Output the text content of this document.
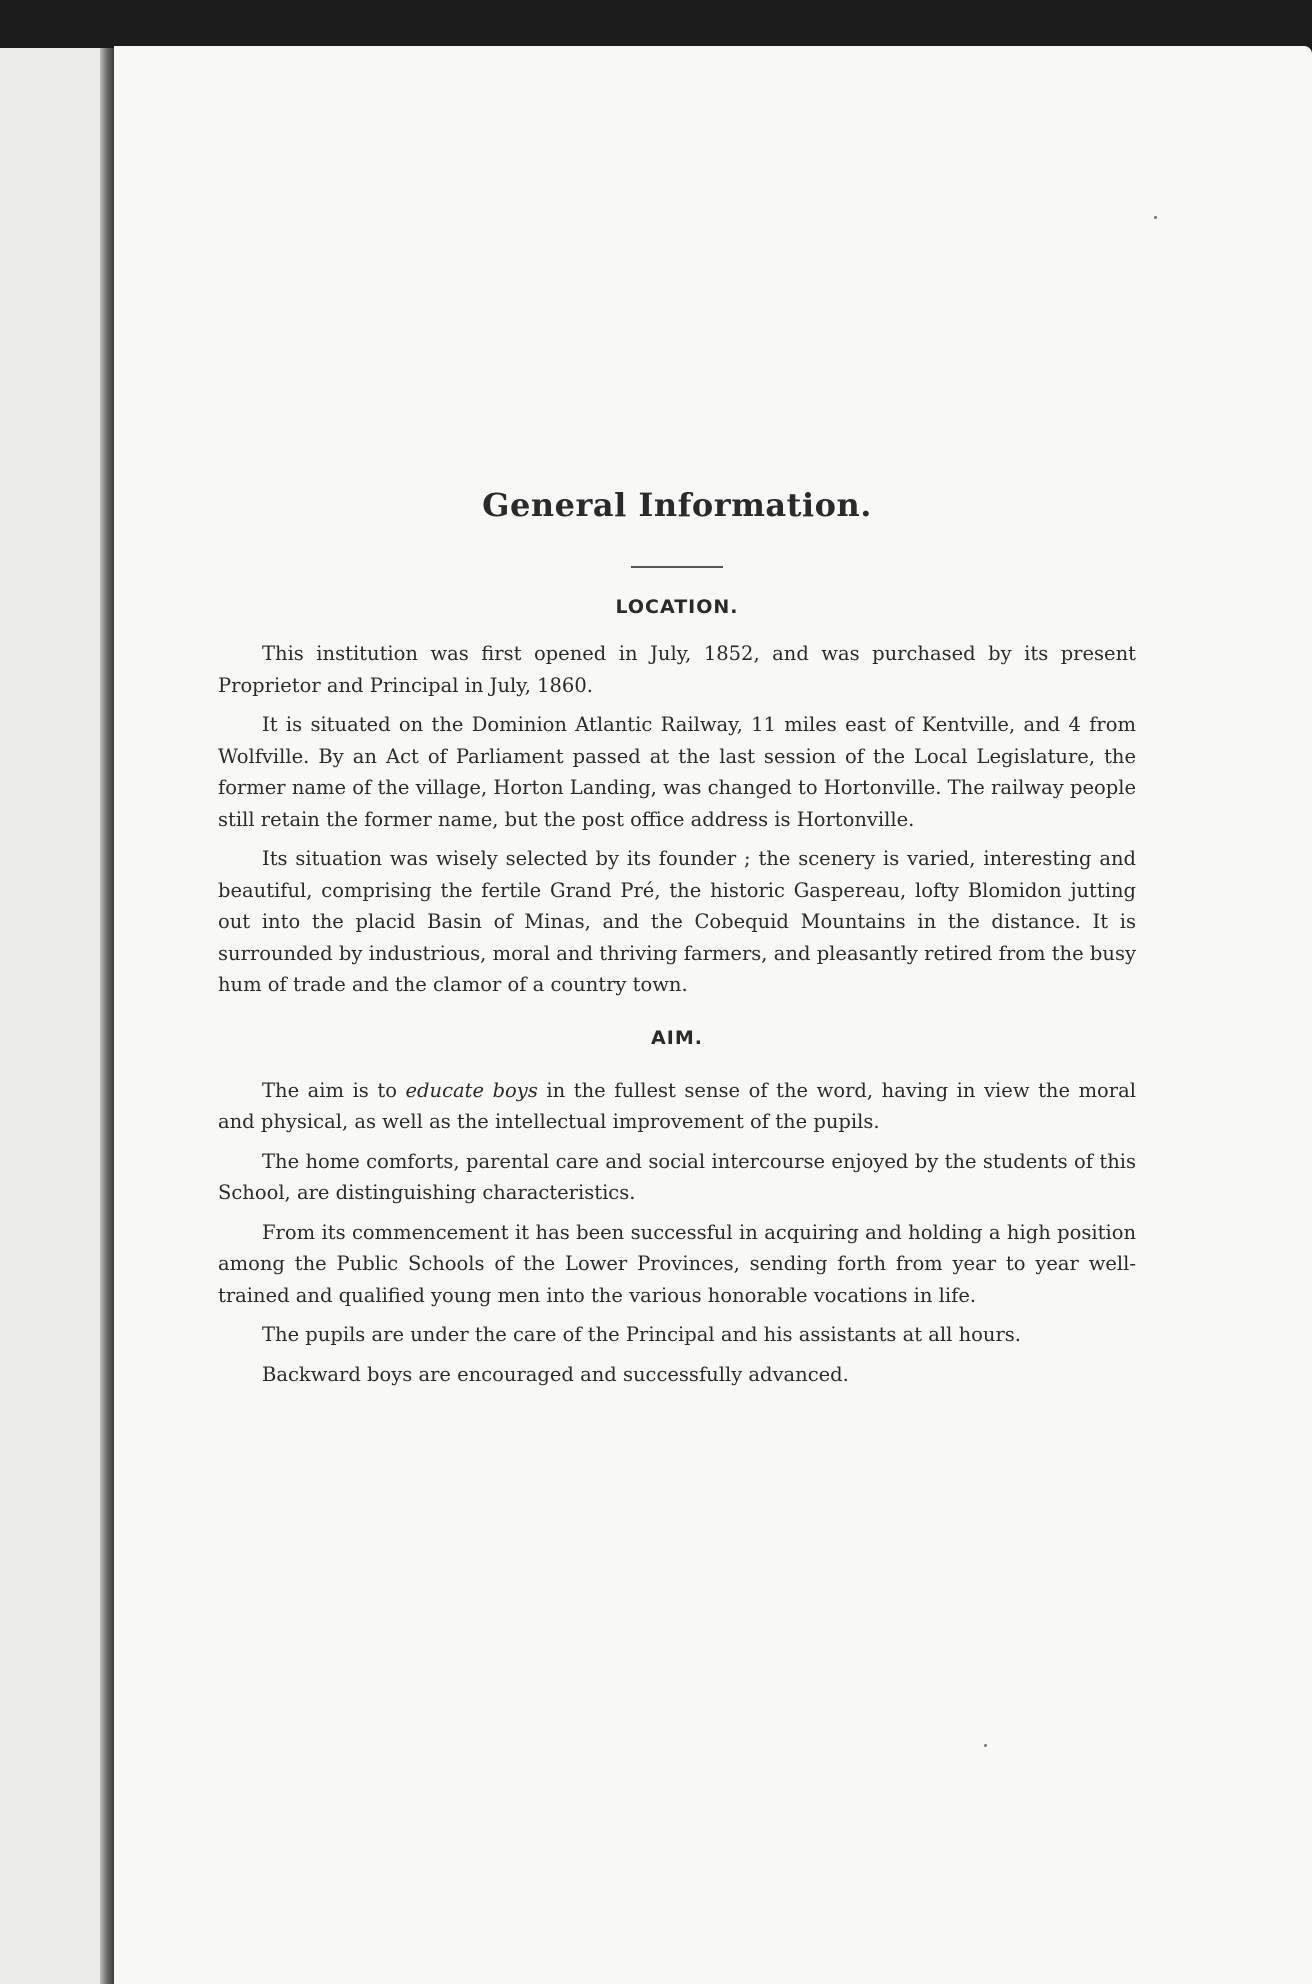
General Information.
LOCATION.

This institution was first opened in July, 1852, and was purchased by its present Proprietor and Principal in July, 1860.

It is situated on the Dominion Atlantic Railway, 11 miles east of Kentville, and 4 from Wolfville. By an Act of Parliament passed at the last session of the Local Legislature, the former name of the village, Horton Landing, was changed to Hortonville. The railway people still retain the former name, but the post office address is Hortonville.

Its situation was wisely selected by its founder ; the scenery is varied, interesting and beautiful, comprising the fertile Grand Pré, the historic Gaspereau, lofty Blomidon jutting out into the placid Basin of Minas, and the Cobequid Mountains in the distance. It is surrounded by industrious, moral and thriving farmers, and pleasantly retired from the busy hum of trade and the clamor of a country town.

AIM.

The aim is to educate boys in the fullest sense of the word, having in view the moral and physical, as well as the intellectual improvement of the pupils.

The home comforts, parental care and social intercourse enjoyed by the students of this School, are distinguishing characteristics.

From its commencement it has been successful in acquiring and holding a high position among the Public Schools of the Lower Provinces, sending forth from year to year well-trained and qualified young men into the various honorable vocations in life.

The pupils are under the care of the Principal and his assistants at all hours.

Backward boys are encouraged and successfully advanced.
